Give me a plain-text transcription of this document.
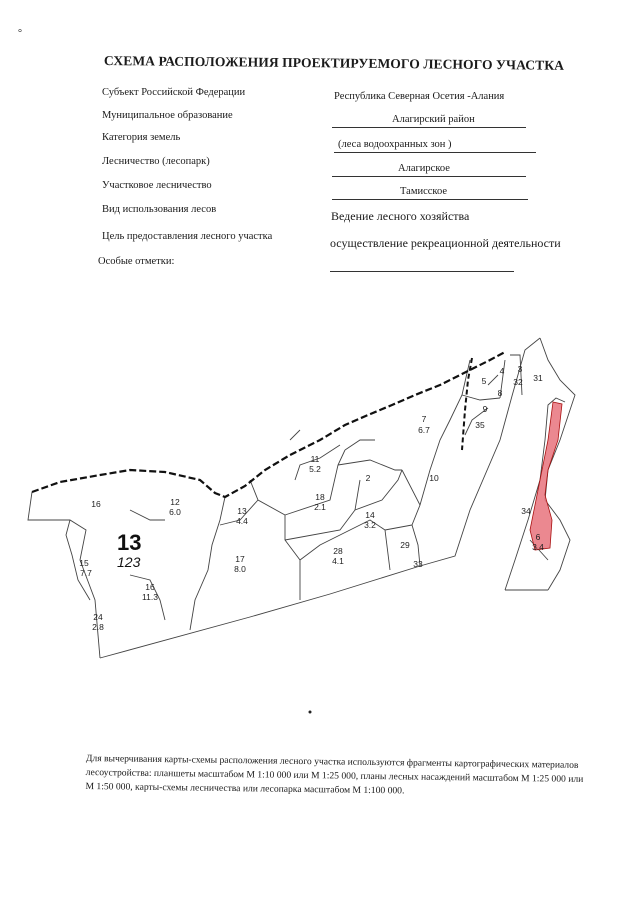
°
СХЕМА РАСПОЛОЖЕНИЯ ПРОЕКТИРУЕМОГО ЛЕСНОГО УЧАСТКА
Субъект Российской Федерации
Муниципальное образование
Категория земель
Лесничество (лесопарк)
Участковое лесничество
Вид использования лесов
Цель предоставления лесного участка
Особые отметки:
Республика Северная Осетия -Алания
Алагирский район
(леса водоохранных зон )
Алагирское
Тамисское
Ведение лесного хозяйства
осуществление рекреационной деятельности
16	12
6.0	13
4.4
11
5.2
18
2.1
2
14
3.2
7
6.7
10
5
4
8
9
35
3
32 31
29
28
4.1
17
8.0
16
11.3
15
7.7
24
2.8
33
6
3.4
34
13
123
Для вычерчивания карты-схемы расположения лесного участка используются фрагменты картографических материалов лесоустройства: планшеты масштабом М 1:10 000 или М 1:25 000, планы лесных насаждений масштабом М 1:25 000 или М 1:50 000, карты-схемы лесничества или лесопарка масштабом М 1:100 000.
